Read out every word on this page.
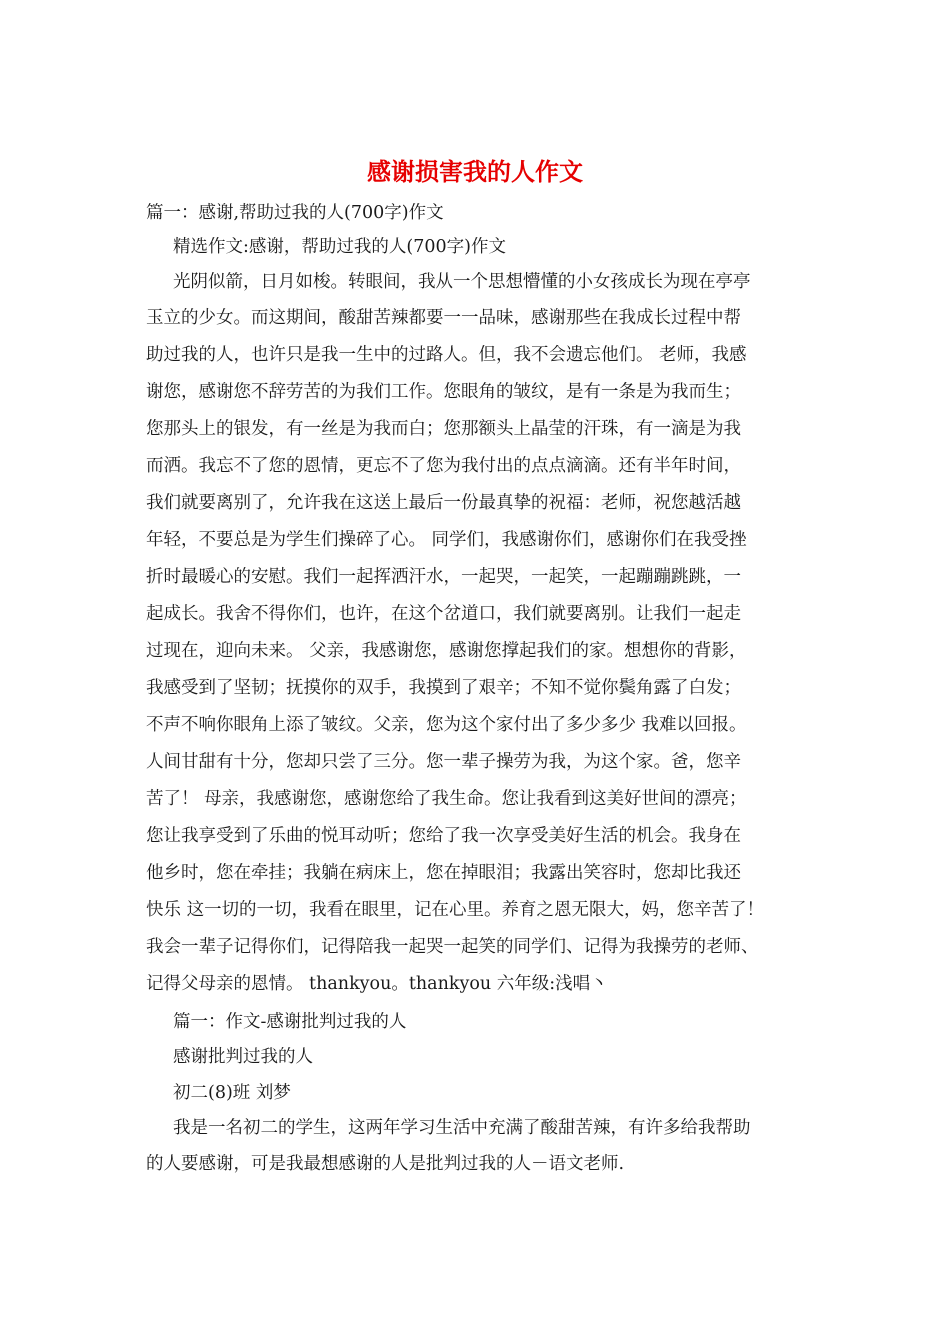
感谢损害我的人作文
篇一：感谢,帮助过我的人(700字)作文
精选作文:感谢，帮助过我的人(700字)作文
光阴似箭，日月如梭。转眼间，我从一个思想懵懂的小女孩成长为现在亭亭
玉立的少女。而这期间，酸甜苦辣都要一一品味，感谢那些在我成长过程中帮
助过我的人，也许只是我一生中的过路人。但，我不会遗忘他们。 老师，我感
谢您，感谢您不辞劳苦的为我们工作。您眼角的皱纹，是有一条是为我而生；
您那头上的银发，有一丝是为我而白；您那额头上晶莹的汗珠，有一滴是为我
而洒。我忘不了您的恩情，更忘不了您为我付出的点点滴滴。还有半年时间，
我们就要离别了，允许我在这送上最后一份最真挚的祝福：老师，祝您越活越
年轻，不要总是为学生们操碎了心。 同学们，我感谢你们，感谢你们在我受挫
折时最暖心的安慰。我们一起挥洒汗水，一起哭，一起笑，一起蹦蹦跳跳，一
起成长。我舍不得你们，也许，在这个岔道口，我们就要离别。让我们一起走
过现在，迎向未来。 父亲，我感谢您，感谢您撑起我们的家。想想你的背影，
我感受到了坚韧；抚摸你的双手，我摸到了艰辛；不知不觉你鬓角露了白发；
不声不响你眼角上添了皱纹。父亲，您为这个家付出了多少多少 我难以回报。
人间甘甜有十分，您却只尝了三分。您一辈子操劳为我，为这个家。爸，您辛
苦了！ 母亲，我感谢您，感谢您给了我生命。您让我看到这美好世间的漂亮；
您让我享受到了乐曲的悦耳动听；您给了我一次享受美好生活的机会。我身在
他乡时，您在牵挂；我躺在病床上，您在掉眼泪；我露出笑容时，您却比我还
快乐 这一切的一切，我看在眼里，记在心里。养育之恩无限大，妈，您辛苦了！
我会一辈子记得你们，记得陪我一起哭一起笑的同学们、记得为我操劳的老师、
记得父母亲的恩情。 thankyou。thankyou 六年级:浅唱丶
篇一：作文-感谢批判过我的人
感谢批判过我的人
初二(8)班 刘梦
我是一名初二的学生，这两年学习生活中充满了酸甜苦辣，有许多给我帮助
的人要感谢，可是我最想感谢的人是批判过我的人－语文老师.
